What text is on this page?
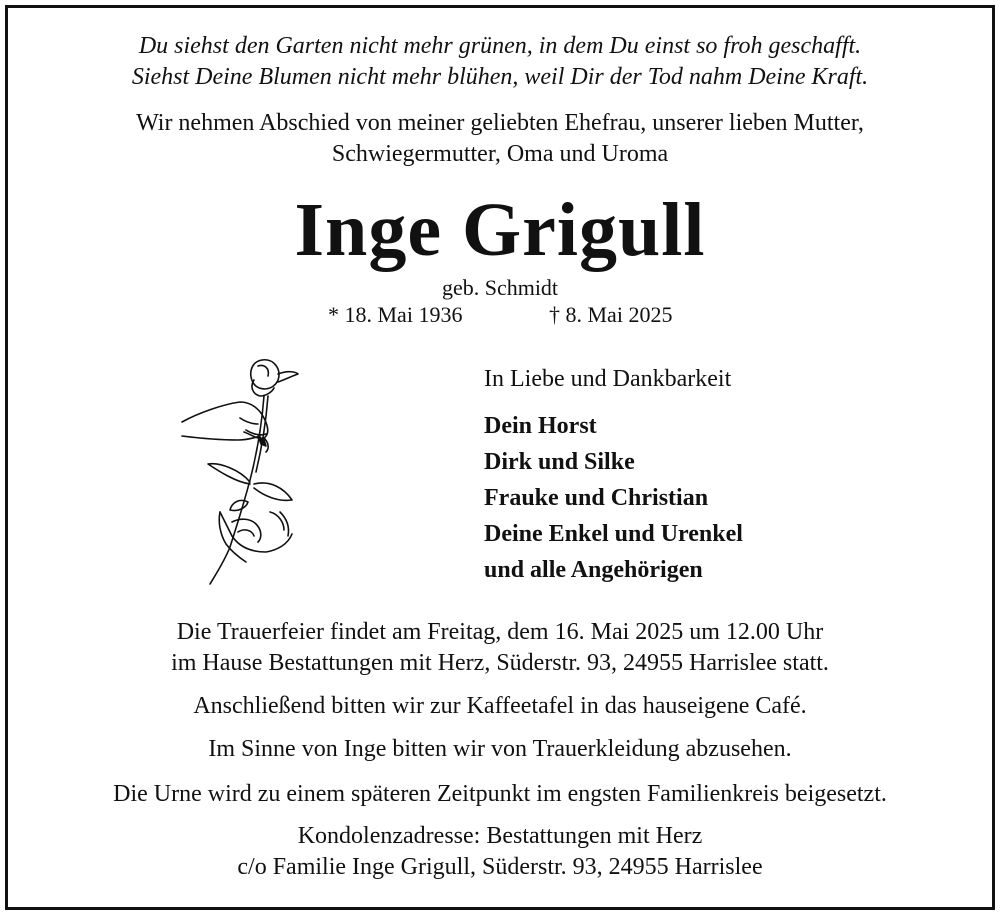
Du siehst den Garten nicht mehr grünen, in dem Du einst so froh geschafft.
Siehst Deine Blumen nicht mehr blühen, weil Dir der Tod nahm Deine Kraft.
Wir nehmen Abschied von meiner geliebten Ehefrau, unserer lieben Mutter,
Schwiegermutter, Oma und Uroma
Inge Grigull
geb. Schmidt
* 18. Mai 1936	† 8. Mai 2025
In Liebe und Dankbarkeit
Dein Horst
Dirk und Silke
Frauke und Christian
Deine Enkel und Urenkel
und alle Angehörigen
Die Trauerfeier findet am Freitag, dem 16. Mai 2025 um 12.00 Uhr
im Hause Bestattungen mit Herz, Süderstr. 93, 24955 Harrislee statt.
Anschließend bitten wir zur Kaffeetafel in das hauseigene Café.
Im Sinne von Inge bitten wir von Trauerkleidung abzusehen.
Die Urne wird zu einem späteren Zeitpunkt im engsten Familienkreis beigesetzt.
Kondolenzadresse: Bestattungen mit Herz
c/o Familie Inge Grigull, Süderstr. 93, 24955 Harrislee
